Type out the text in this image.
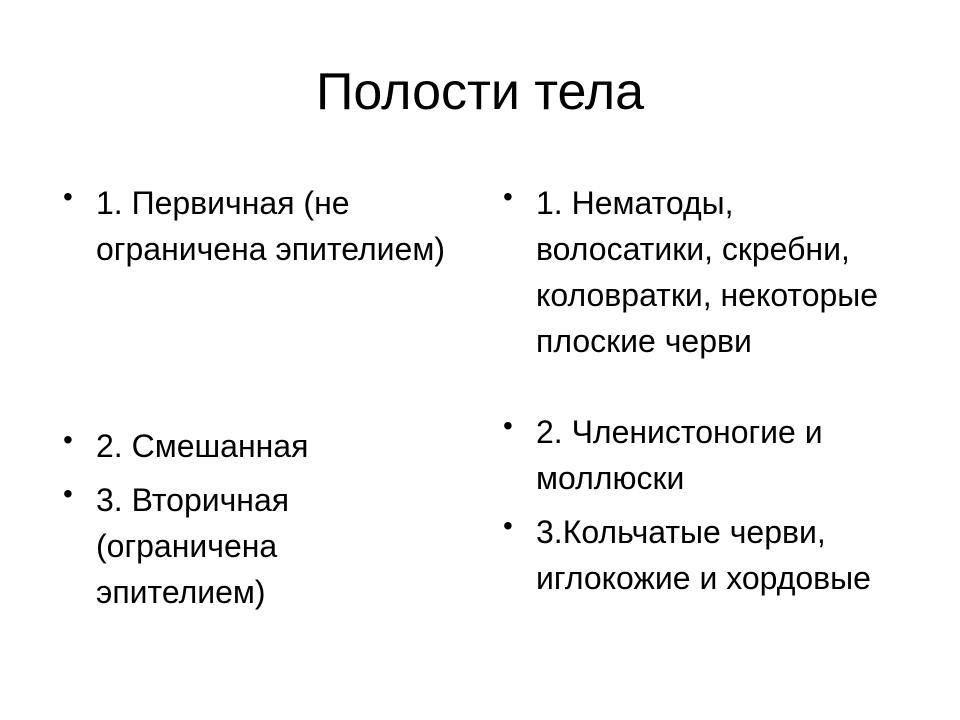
Полости тела
• 1. Первичная (не ограничена эпителием)
• 2. Смешанная
• 3. Вторичная (ограничена эпителием)
• 1. Нематоды, волосатики, скребни, коловратки, некоторые плоские черви
• 2. Членистоногие и моллюски
• 3.Кольчатые черви, иглокожие и хордовые
